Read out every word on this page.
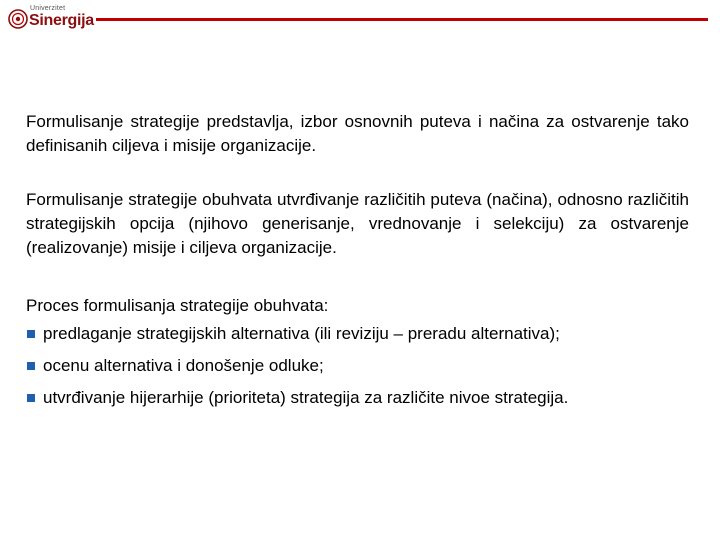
Univerzitet
Sinergija

Formulisanje strategije predstavlja, izbor osnovnih puteva i načina za ostvarenje tako definisanih ciljeva i misije organizacije.

Formulisanje strategije obuhvata utvrđivanje različitih puteva (načina), odnosno različitih strategijskih opcija (njihovo generisanje, vrednovanje i selekciju) za ostvarenje (realizovanje) misije i ciljeva organizacije.

Proces formulisanja strategije obuhvata:

predlaganje strategijskih alternativa (ili reviziju – preradu alternativa);
ocenu alternativa i donošenje odluke;
utvrđivanje hijerarhije (prioriteta) strategija za različite nivoe strategija.
